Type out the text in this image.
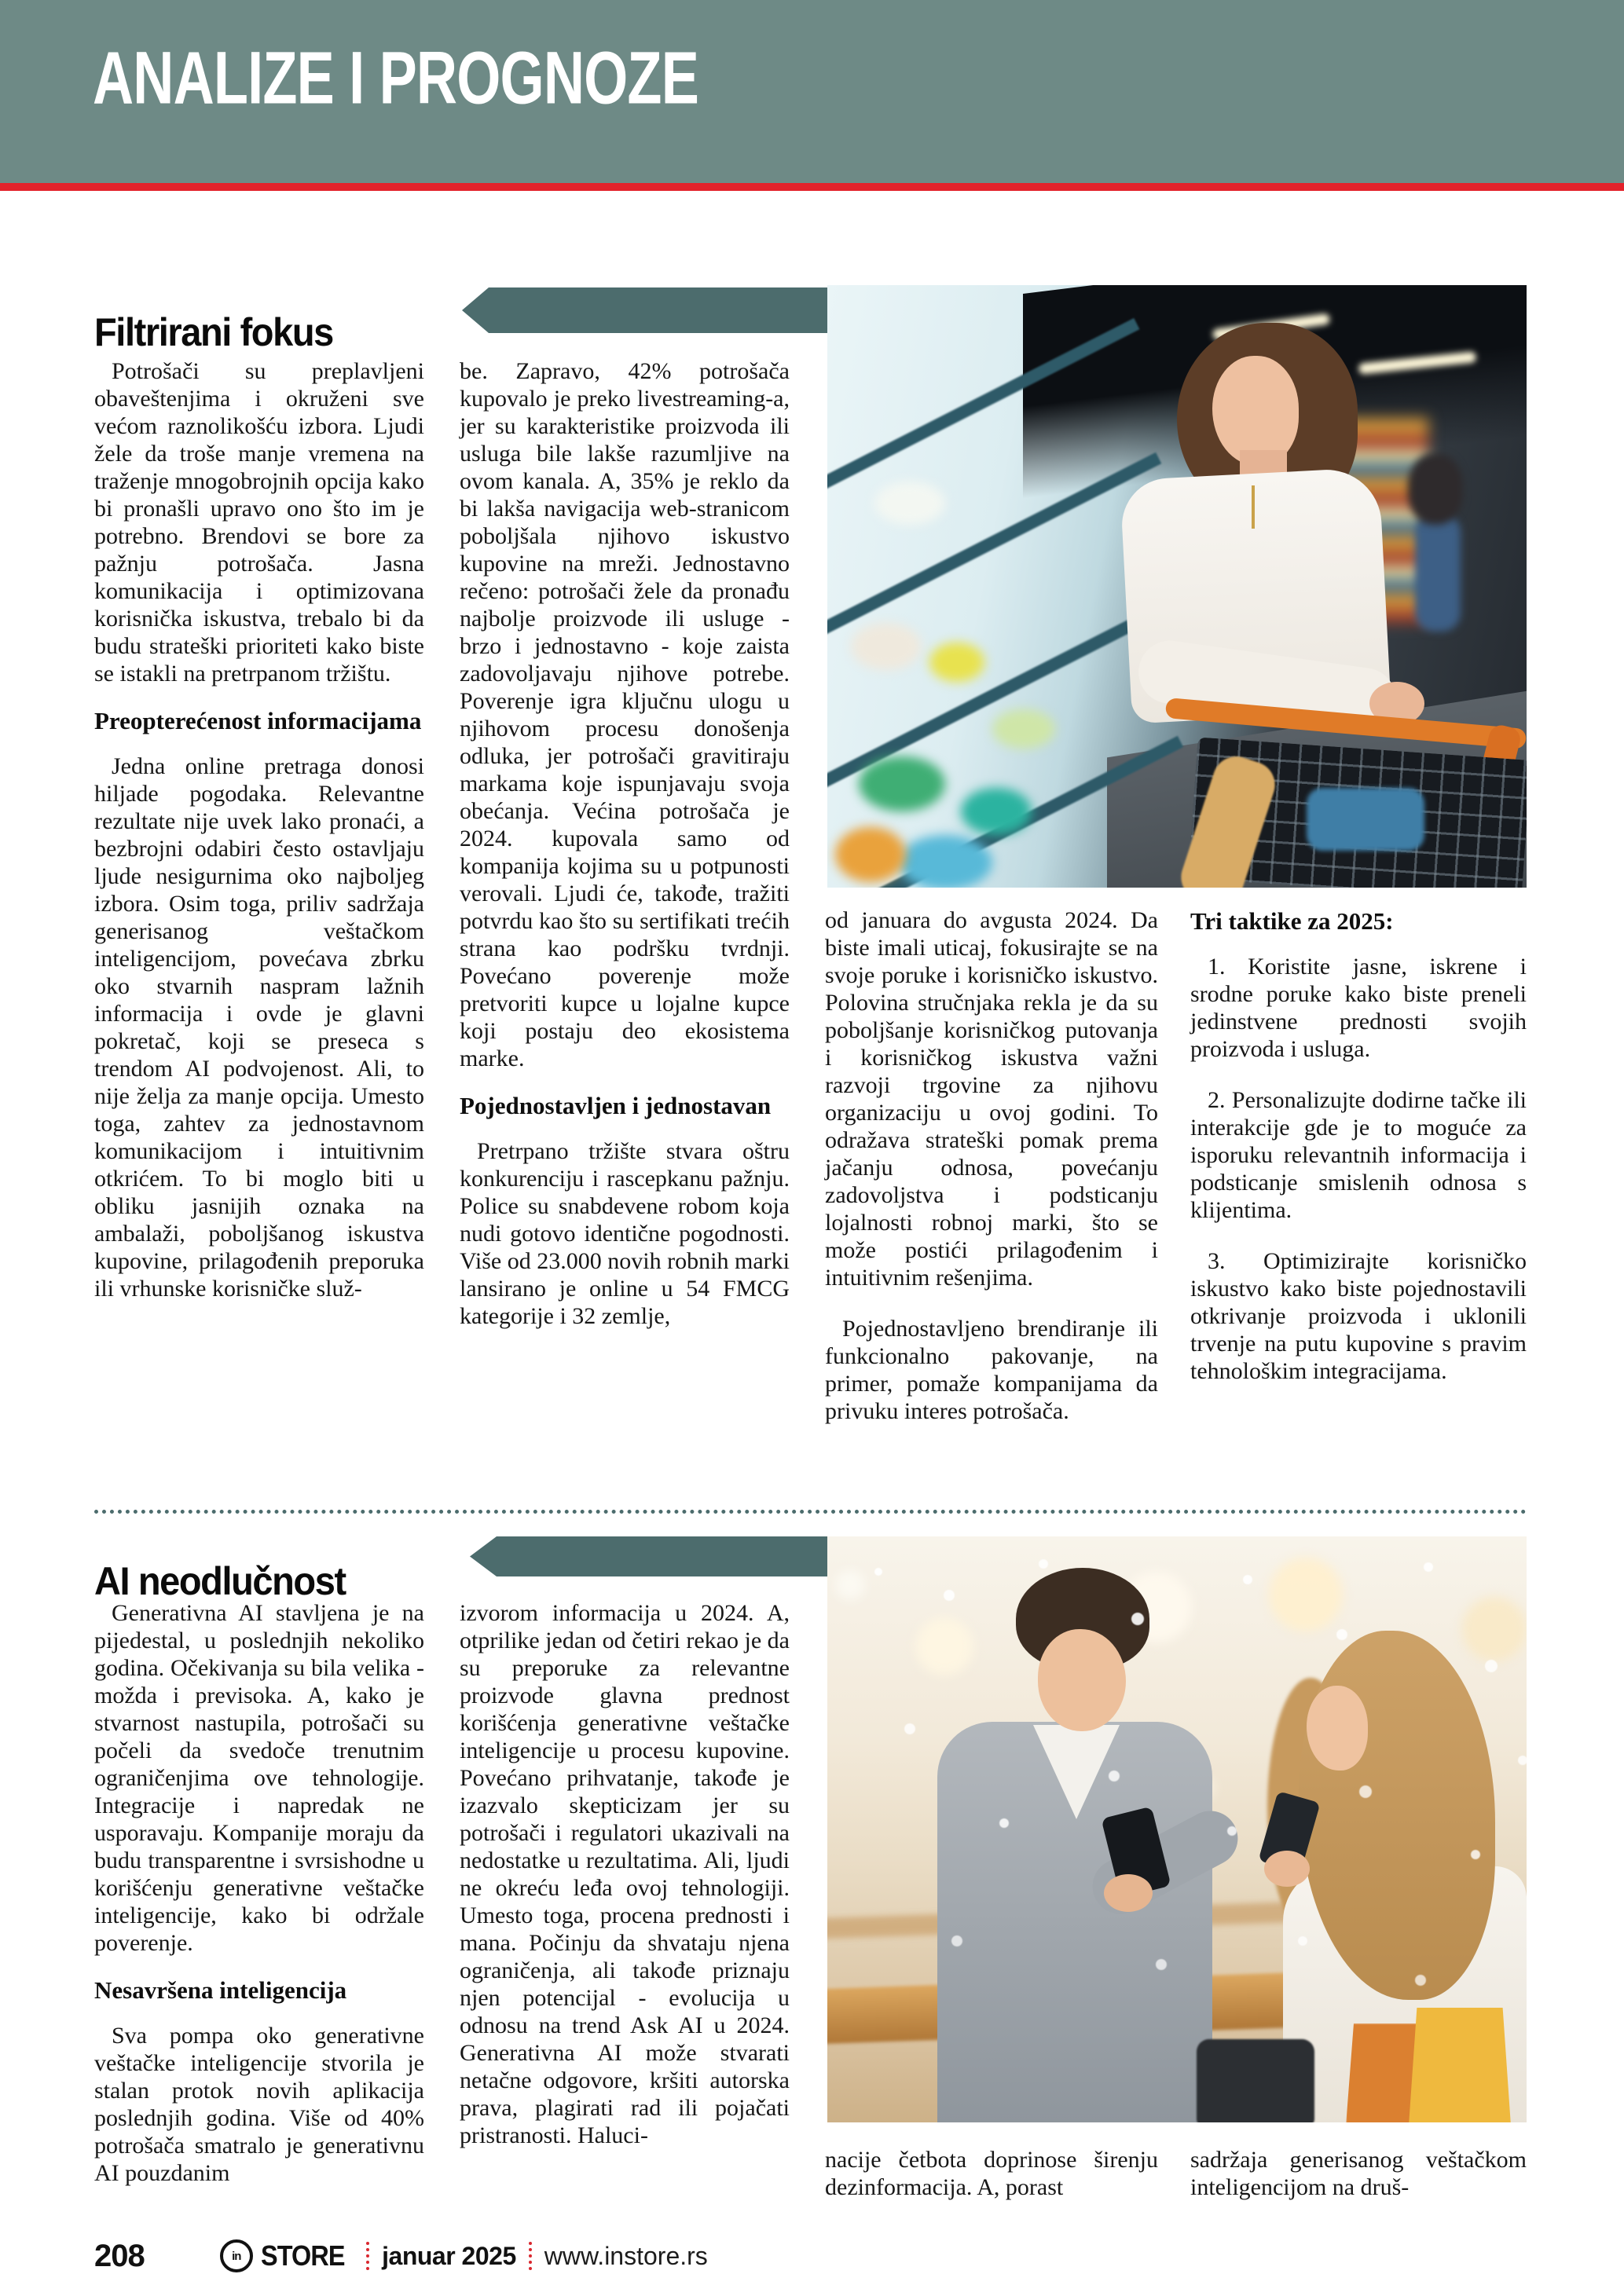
ANALIZE I PROGNOZE
Filtrirani fokus

Potrošači su preplavljeni obaveštenjima i okruženi sve većom raznolikošću izbora. Ljudi žele da troše manje vremena na traženje mnogobrojnih opcija kako bi pronašli upravo ono što im je potrebno. Brendovi se bore za pažnju potrošača. Jasna komunikacija i optimizovana korisnička iskustva, trebalo bi da budu strateški prioriteti kako biste se istakli na pretrpanom tržištu.

Preopterećenost informacijama

Jedna online pretraga donosi hiljade pogodaka. Relevantne rezultate nije uvek lako pronaći, a bezbrojni odabiri često ostavljaju ljude nesigurnima oko najboljeg izbora. Osim toga, priliv sadržaja generisanog veštačkom inteligencijom, povećava zbrku oko stvarnih naspram lažnih informacija i ovde je glavni pokretač, koji se preseca s trendom AI podvojenost. Ali, to nije želja za manje opcija. Umesto toga, zahtev za jednostavnom komunikacijom i intuitivnim otkrićem. To bi moglo biti u obliku jasnijih oznaka na ambalaži, poboljšanog iskustva kupovine, prilagođenih preporuka ili vrhunske korisničke služ-

be. Zapravo, 42% potrošača kupovalo je preko livestreaming-a, jer su karakteristike proizvoda ili usluga bile lakše razumljive na ovom kanala. A, 35% je reklo da bi lakša navigacija web-stranicom poboljšala njihovo iskustvo kupovine na mreži. Jednostavno rečeno: potrošači žele da pronađu najbolje proizvode ili usluge - brzo i jednostavno - koje zaista zadovoljavaju njihove potrebe. Poverenje igra ključnu ulogu u njihovom procesu donošenja odluka, jer potrošači gravitiraju markama koje ispunjavaju svoja obećanja. Većina potrošača je 2024. kupovala samo od kompanija kojima su u potpunosti verovali. Ljudi će, takođe, tražiti potvrdu kao što su sertifikati trećih strana kao podršku tvrdnji. Povećano poverenje može pretvoriti kupce u lojalne kupce koji postaju deo ekosistema marke.

Pojednostavljen i jednostavan

Pretrpano tržište stvara oštru konkurenciju i rascepkanu pažnju. Police su snabdevene robom koja nudi gotovo identične pogodnosti. Više od 23.000 novih robnih marki lansirano je online u 54 FMCG kategorije i 32 zemlje,

od januara do avgusta 2024. Da biste imali uticaj, fokusirajte se na svoje poruke i korisničko iskustvo. Polovina stručnjaka rekla je da su poboljšanje korisničkog putovanja i korisničkog iskustva važni razvoji trgovine za njihovu organizaciju u ovoj godini. To odražava strateški pomak prema jačanju odnosa, povećanju zadovoljstva i podsticanju lojalnosti robnoj marki, što se može postići prilagođenim i intuitivnim rešenjima.

Pojednostavljeno brendiranje ili funkcionalno pakovanje, na primer, pomaže kompanijama da privuku interes potrošača.

Tri taktike za 2025:

1. Koristite jasne, iskrene i srodne poruke kako biste preneli jedinstvene prednosti svojih proizvoda i usluga.

2. Personalizujte dodirne tačke ili interakcije gde je to moguće za isporuku relevantnih informacija i podsticanje smislenih odnosa s klijentima.

3. Optimizirajte korisničko iskustvo kako biste pojednostavili otkrivanje proizvoda i uklonili trvenje na putu kupovine s pravim tehnološkim integracijama.

AI neodlučnost

Generativna AI stavljena je na pijedestal, u poslednjih nekoliko godina. Očekivanja su bila velika - možda i previsoka. A, kako je stvarnost nastupila, potrošači su počeli da svedoče trenutnim ograničenjima ove tehnologije. Integracije i napredak ne usporavaju. Kompanije moraju da budu transparentne i svrsishodne u korišćenju generativne veštačke inteligencije, kako bi održale poverenje.

Nesavršena inteligencija

Sva pompa oko generativne veštačke inteligencije stvorila je stalan protok novih aplikacija poslednjih godina. Više od 40% potrošača smatralo je generativnu AI pouzdanim

izvorom informacija u 2024. A, otprilike jedan od četiri rekao je da su preporuke za relevantne proizvode glavna prednost korišćenja generativne veštačke inteligencije u procesu kupovine. Povećano prihvatanje, takođe je izazvalo skepticizam jer su potrošači i regulatori ukazivali na nedostatke u rezultatima. Ali, ljudi ne okreću leđa ovoj tehnologiji. Umesto toga, procena prednosti i mana. Počinju da shvataju njena ograničenja, ali takođe priznaju njen potencijal - evolucija u odnosu na trend Ask AI u 2024. Generativna AI može stvarati netačne odgovore, kršiti autorska prava, plagirati rad ili pojačati pristranosti. Haluci-

nacije četbota doprinose širenju dezinformacija. A, porast

sadržaja generisanog veštačkom inteligencijom na druš-

208	in STORE januar 2025 www.instore.rs
